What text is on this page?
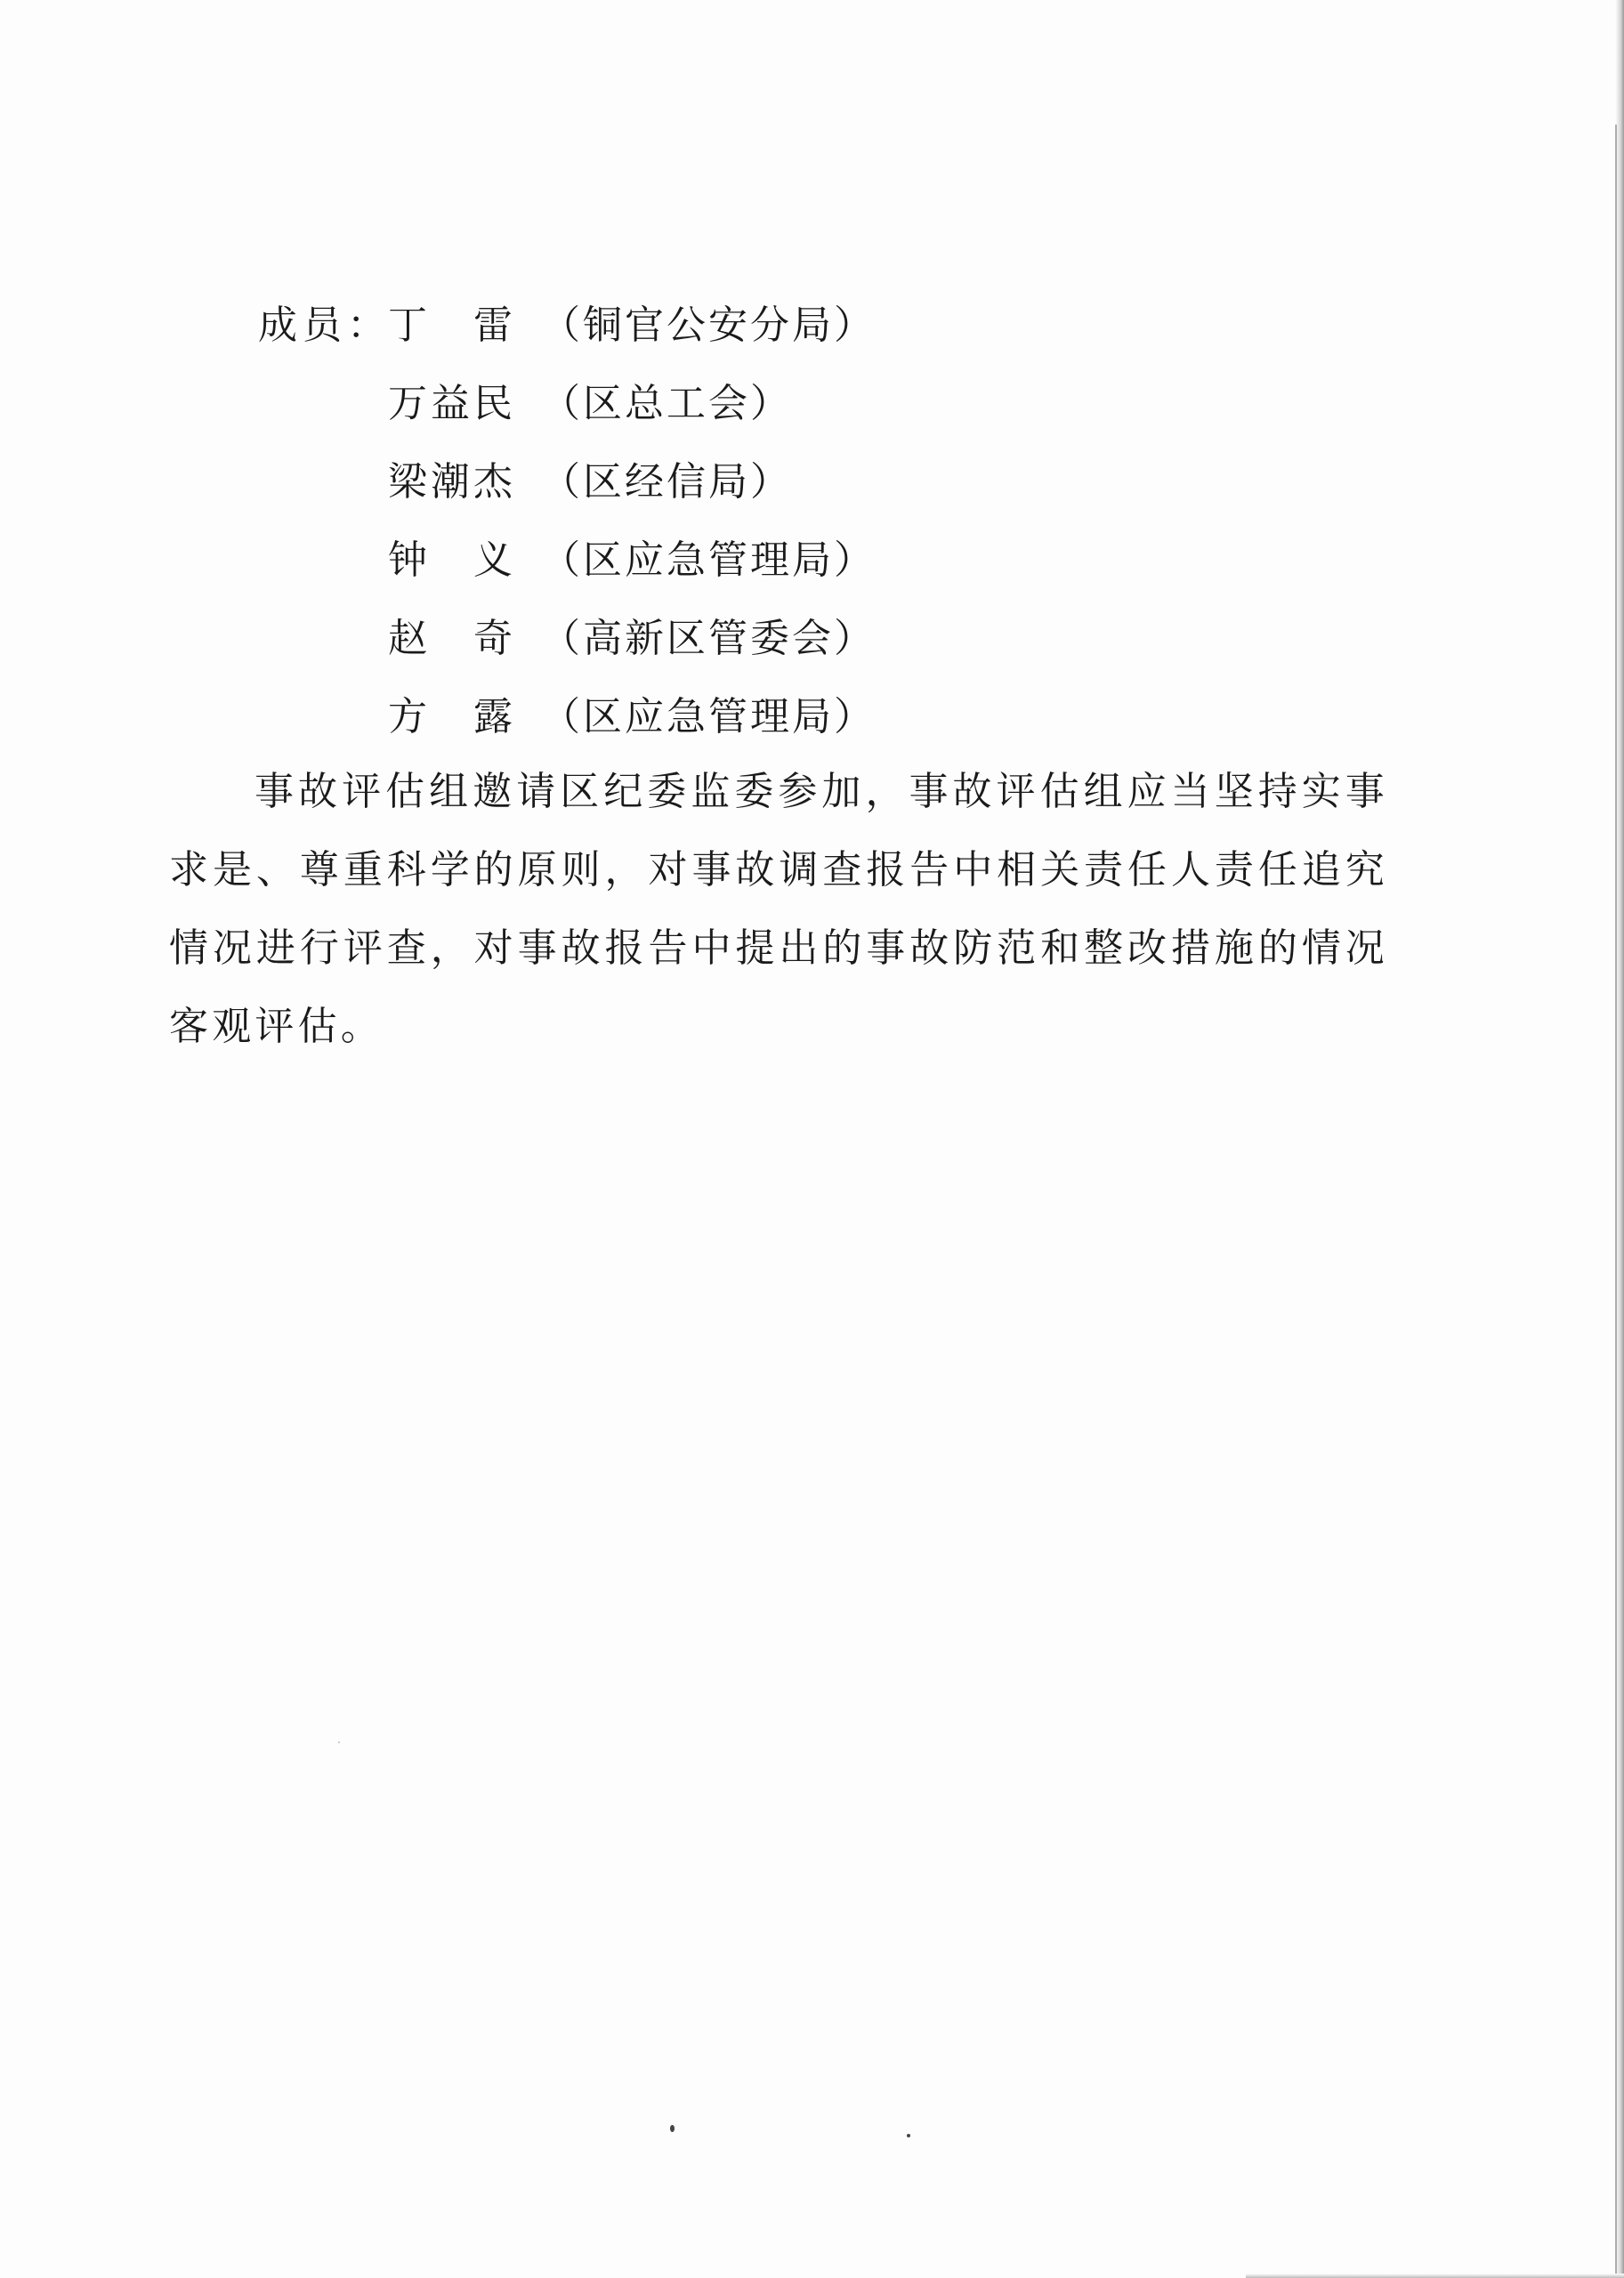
成员：
丁　雷 （铜官公安分局）
万益民 （区总工会）
梁潮杰 （区经信局）
钟　义 （区应急管理局）
赵　奇 （高新区管委会）
方　露 （区应急管理局）

事故评估组邀请区纪委监委参加，事故评估组应当坚持实事求是、尊重科学的原则，对事故调查报告中相关责任人责任追究情况进行评查，对事故报告中提出的事故防范和整改措施的情况客观评估。
